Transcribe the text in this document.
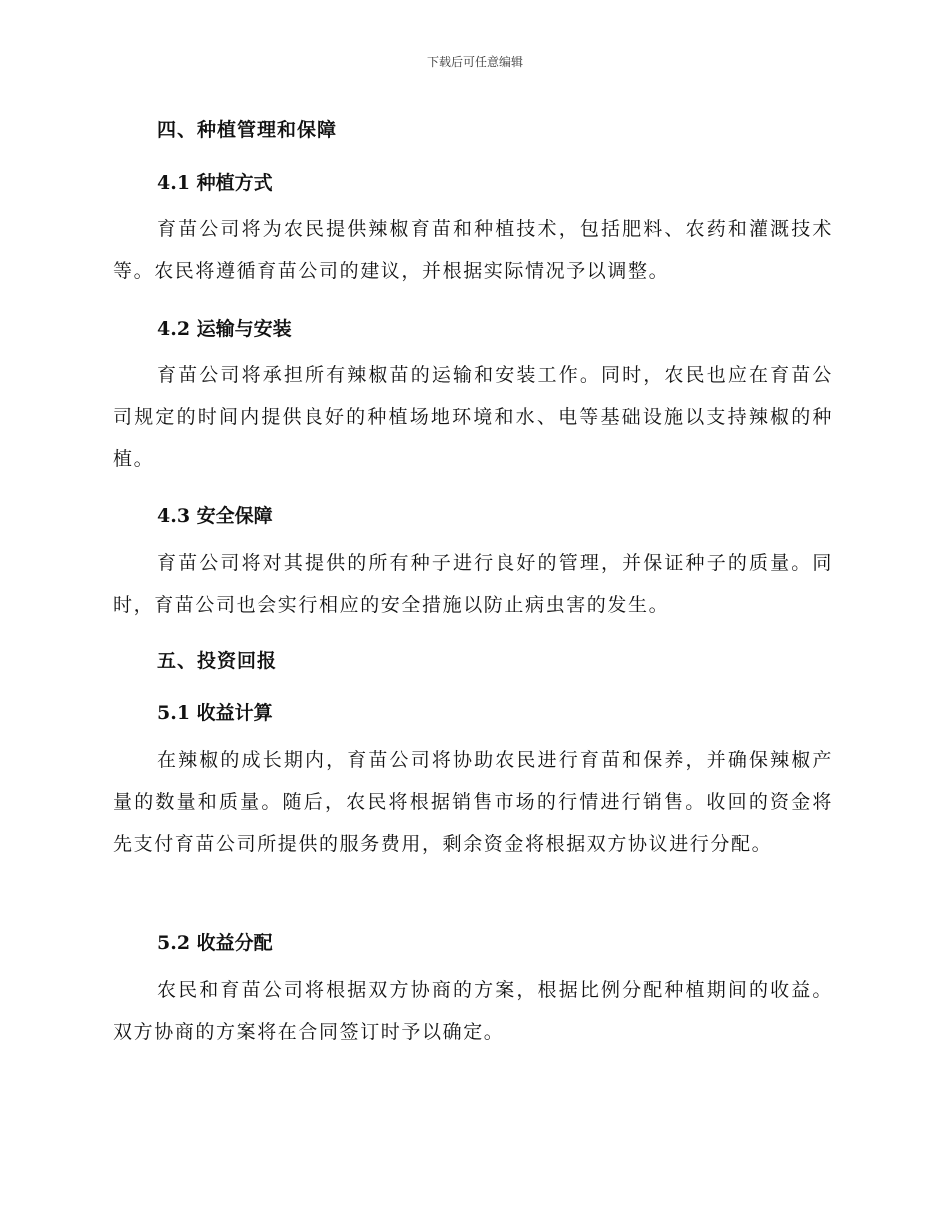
下载后可任意编辑
四、种植管理和保障
4.1 种植方式
育苗公司将为农民提供辣椒育苗和种植技术，包括肥料、农药和灌溉技术等。农民将遵循育苗公司的建议，并根据实际情况予以调整。
4.2 运输与安装
育苗公司将承担所有辣椒苗的运输和安装工作。同时，农民也应在育苗公司规定的时间内提供良好的种植场地环境和水、电等基础设施以支持辣椒的种植。
4.3 安全保障
育苗公司将对其提供的所有种子进行良好的管理，并保证种子的质量。同时，育苗公司也会实行相应的安全措施以防止病虫害的发生。
五、投资回报
5.1 收益计算
在辣椒的成长期内，育苗公司将协助农民进行育苗和保养，并确保辣椒产量的数量和质量。随后，农民将根据销售市场的行情进行销售。收回的资金将先支付育苗公司所提供的服务费用，剩余资金将根据双方协议进行分配。
5.2 收益分配
农民和育苗公司将根据双方协商的方案，根据比例分配种植期间的收益。双方协商的方案将在合同签订时予以确定。
